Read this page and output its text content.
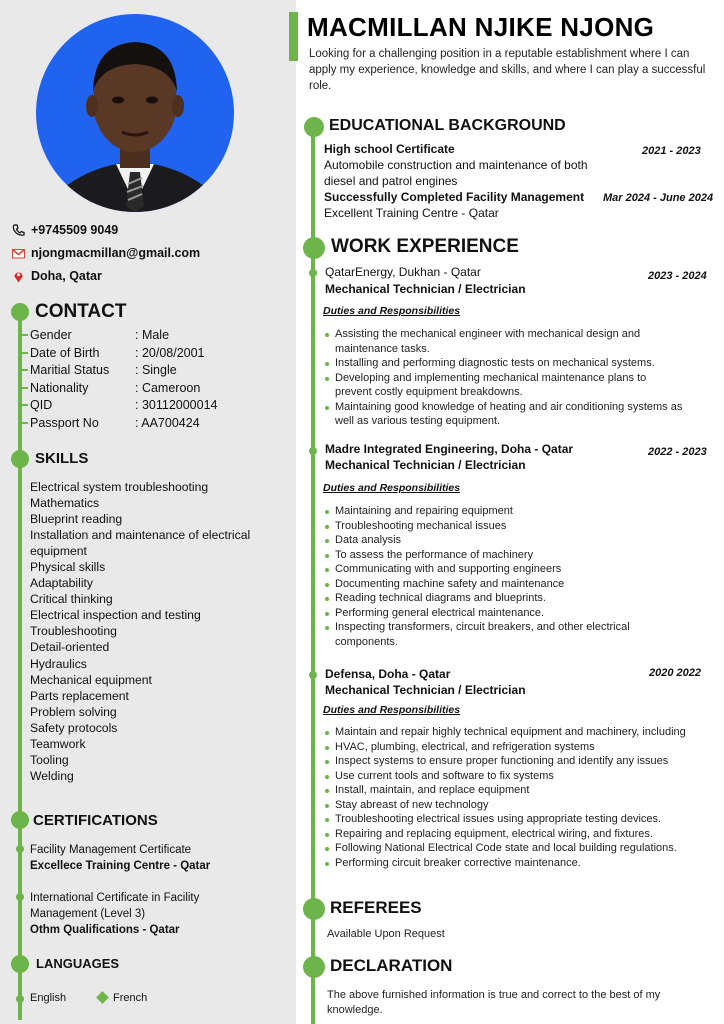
+9745509 9049
njongmacmillan@gmail.com
Doha, Qatar
CONTACT
Gender	: Male
Date of Birth	: 20/08/2001
Maritial Status	: Single
Nationality	: Cameroon
QID	: 30112000014
Passport No	: AA700424
SKILLS
Electrical system troubleshooting
Mathematics
Blueprint reading
Installation and maintenance of electrical
equipment
Physical skills
Adaptability
Critical thinking
Electrical inspection and testing
Troubleshooting
Detail-oriented
Hydraulics
Mechanical equipment
Parts replacement
Problem solving
Safety protocols
Teamwork
Tooling
Welding
CERTIFICATIONS
Facility Management Certificate
Excellece Training Centre - Qatar
International Certificate in Facility
Management (Level 3)
Othm Qualifications - Qatar
LANGUAGES
English	French
MACMILLAN NJIKE NJONG
Looking for a challenging position in a reputable establishment where I can apply my experience, knowledge and skills, and where I can play a successful role.
EDUCATIONAL BACKGROUND
High school Certificate	2021 - 2023
Automobile construction and maintenance of both
diesel and patrol engines
Successfully Completed Facility Management Mar 2024 - June 2024
Excellent Training Centre - Qatar
WORK EXPERIENCE
QatarEnergy, Dukhan - Qatar	2023 - 2024
Mechanical Technician / Electrician
Duties and Responsibilities
Assisting the mechanical engineer with mechanical design and
maintenance tasks.
Installing and performing diagnostic tests on mechanical systems.
Developing and implementing mechanical maintenance plans to
prevent costly equipment breakdowns.
Maintaining good knowledge of heating and air conditioning systems as
well as various testing equipment.
Madre Integrated Engineering, Doha - Qatar	2022 - 2023
Mechanical Technician / Electrician
Duties and Responsibilities
Maintaining and repairing equipment
Troubleshooting mechanical issues
Data analysis
To assess the performance of machinery
Communicating with and supporting engineers
Documenting machine safety and maintenance
Reading technical diagrams and blueprints.
Performing general electrical maintenance.
Inspecting transformers, circuit breakers, and other electrical
components.
Defensa, Doha - Qatar	2020 2022
Mechanical Technician / Electrician
Duties and Responsibilities
Maintain and repair highly technical equipment and machinery, including
HVAC, plumbing, electrical, and refrigeration systems
Inspect systems to ensure proper functioning and identify any issues
Use current tools and software to fix systems
Install, maintain, and replace equipment
Stay abreast of new technology
Troubleshooting electrical issues using appropriate testing devices.
Repairing and replacing equipment, electrical wiring, and fixtures.
Following National Electrical Code state and local building regulations.
Performing circuit breaker corrective maintenance.
REFEREES
Available Upon Request
DECLARATION
The above furnished information is true and correct to the best of my
knowledge.
